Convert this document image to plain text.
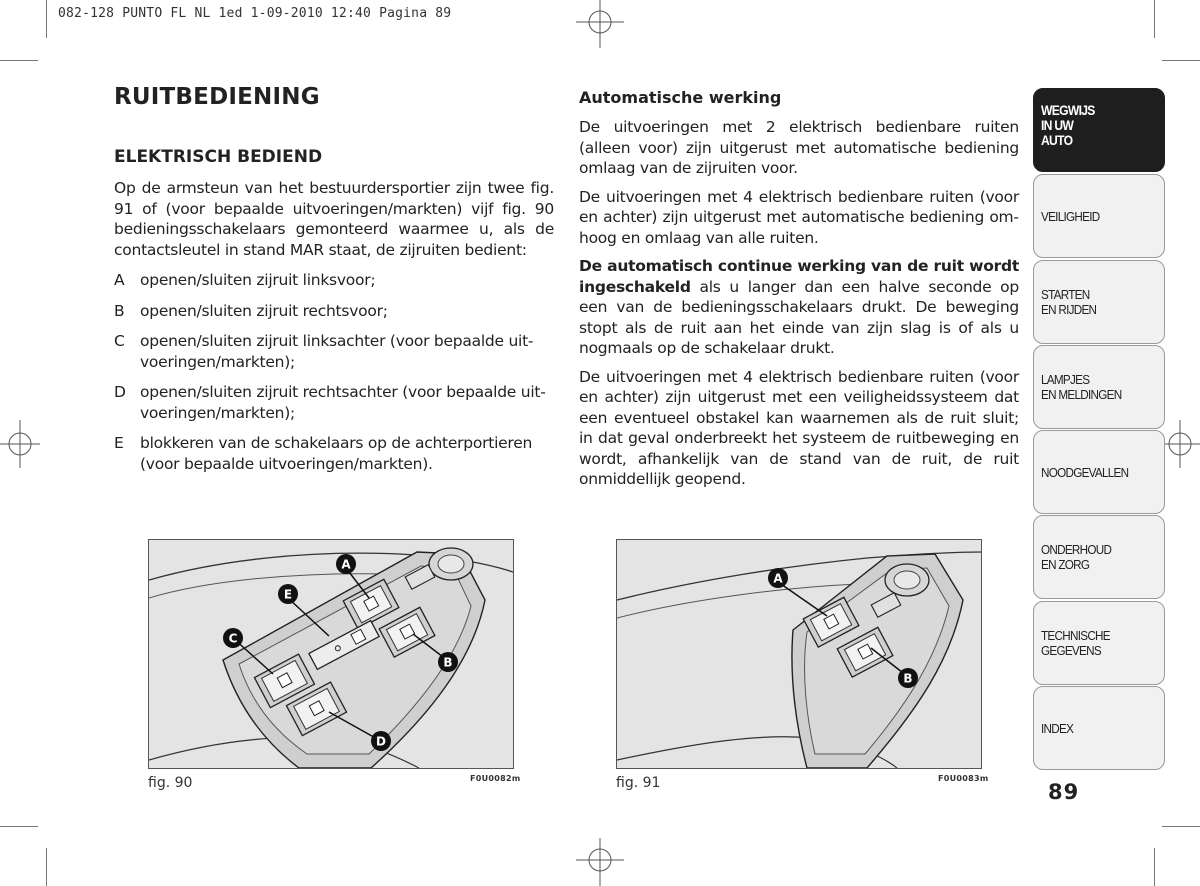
082-128 PUNTO FL NL 1ed 1-09-2010 12:40 Pagina 89
RUITBEDIENING
ELEKTRISCH BEDIEND

Op de armsteun van het bestuurdersportier zijn twee fig. 91 of (voor bepaalde uitvoeringen/markten) vijf fig. 90 bedieningsschakelaars gemonteerd waarmee u, als de contactsleutel in stand MAR staat, de zijruiten bedient:

A openen/sluiten zijruit linksvoor;
B openen/sluiten zijruit rechtsvoor;
C openen/sluiten zijruit linksachter (voor bepaalde uitvoeringen/markten);
D openen/sluiten zijruit rechtsachter (voor bepaalde uitvoeringen/markten);
E	blokkeren van de schakelaars op de achterportieren (voor bepaalde uitvoeringen/markten).
Automatische werking

De uitvoeringen met 2 elektrisch bedienbare ruiten (alleen voor) zijn uitgerust met automatische bediening omlaag van de zijruiten voor.

De uitvoeringen met 4 elektrisch bedienbare ruiten (voor en achter) zijn uitgerust met automatische bediening omhoog en omlaag van alle ruiten.

De automatisch continue werking van de ruit wordt ingeschakeld als u langer dan een halve seconde op een van de bedieningsschakelaars drukt. De beweging stopt als de ruit aan het einde van zijn slag is of als u nogmaals op de schakelaar drukt.

De uitvoeringen met 4 elektrisch bedienbare ruiten (voor en achter) zijn uitgerust met een veiligheidssysteem dat een eventueel obstakel kan waarnemen als de ruit sluit; in dat geval onderbreekt het systeem de ruitbeweging en wordt, afhankelijk van de stand van de ruit, de ruit onmiddellijk geopend.

A
B
C
D
E
fig. 90	F0U0082m
A
B
fig. 91	F0U0083m
WEGWIJS
IN UW
AUTO
VEILIGHEID
STARTEN
EN RIJDEN
LAMPJES
EN MELDINGEN
NOODGEVALLEN
ONDERHOUD
EN ZORG
TECHNISCHE
GEGEVENS
INDEX
89
